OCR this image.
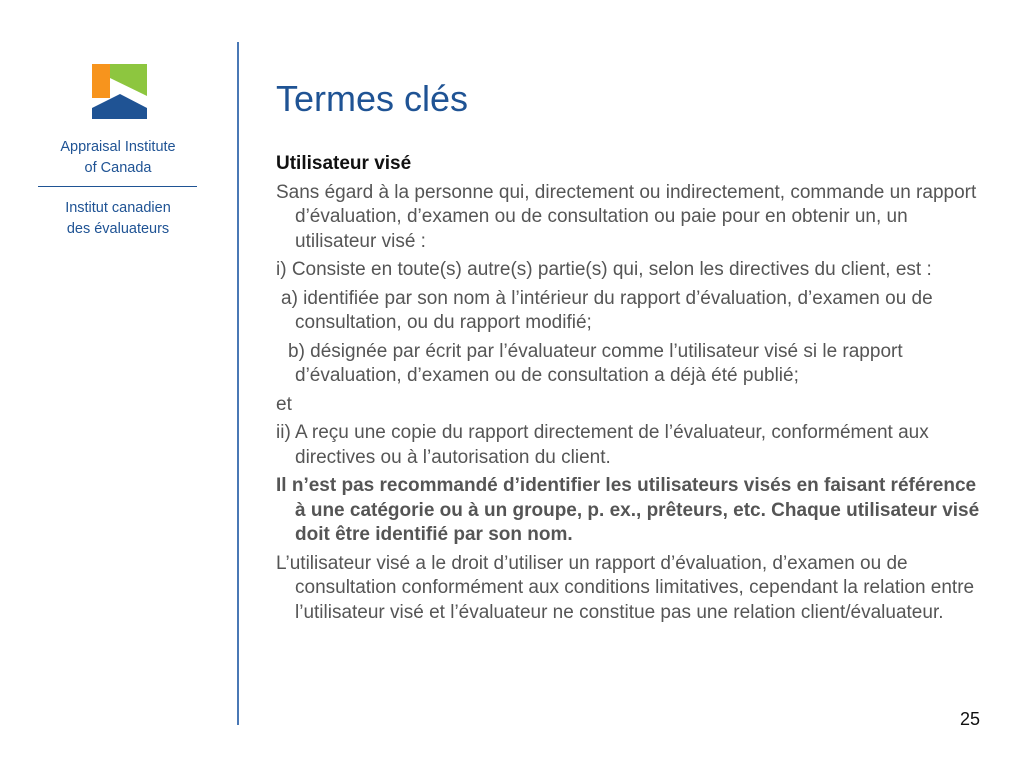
Appraisal Institute
of Canada
Institut canadien
des évaluateurs
Termes clés

Utilisateur visé

Sans égard à la personne qui, directement ou indirectement, commande un rapport d’évaluation, d’examen ou de consultation ou paie pour en obtenir un, un utilisateur visé :

i) Consiste en toute(s) autre(s) partie(s) qui, selon les directives du client, est :

a) identifiée par son nom à l’intérieur du rapport d’évaluation, d’examen ou de consultation, ou du rapport modifié;

b) désignée par écrit par l’évaluateur comme l’utilisateur visé si le rapport d’évaluation, d’examen ou de consultation a déjà été publié;

et

ii) A reçu une copie du rapport directement de l’évaluateur, conformément aux directives ou à l’autorisation du client.

Il n’est pas recommandé d’identifier les utilisateurs visés en faisant référence à une catégorie ou à un groupe, p. ex., prêteurs, etc. Chaque utilisateur visé doit être identifié par son nom.

L’utilisateur visé a le droit d’utiliser un rapport d’évaluation, d’examen ou de consultation conformément aux conditions limitatives, cependant la relation entre l’utilisateur visé et l’évaluateur ne constitue pas une relation client/évaluateur.

25
